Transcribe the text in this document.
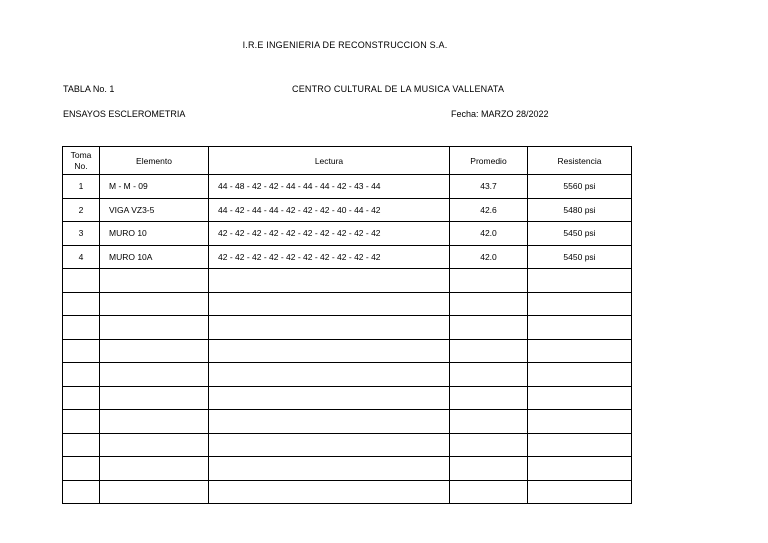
I.R.E INGENIERIA DE RECONSTRUCCION S.A.
TABLA No. 1	CENTRO CULTURAL DE LA MUSICA VALLENATA
ENSAYOS ESCLEROMETRIA	Fecha: MARZO 28/2022
Toma
No.	Elemento	Lectura	Promedio	Resistencia
1	M - M - 09	44 - 48 - 42 - 42 - 44 - 44 - 44 - 42 - 43 - 44	43.7	5560 psi
2	VIGA VZ3-5	44 - 42 - 44 - 44 - 42 - 42 - 42 - 40 - 44 - 42	42.6	5480 psi
3	MURO 10	42 - 42 - 42 - 42 - 42 - 42 - 42 - 42 - 42 - 42	42.0	5450 psi
4	MURO 10A	42 - 42 - 42 - 42 - 42 - 42 - 42 - 42 - 42 - 42	42.0	5450 psi
